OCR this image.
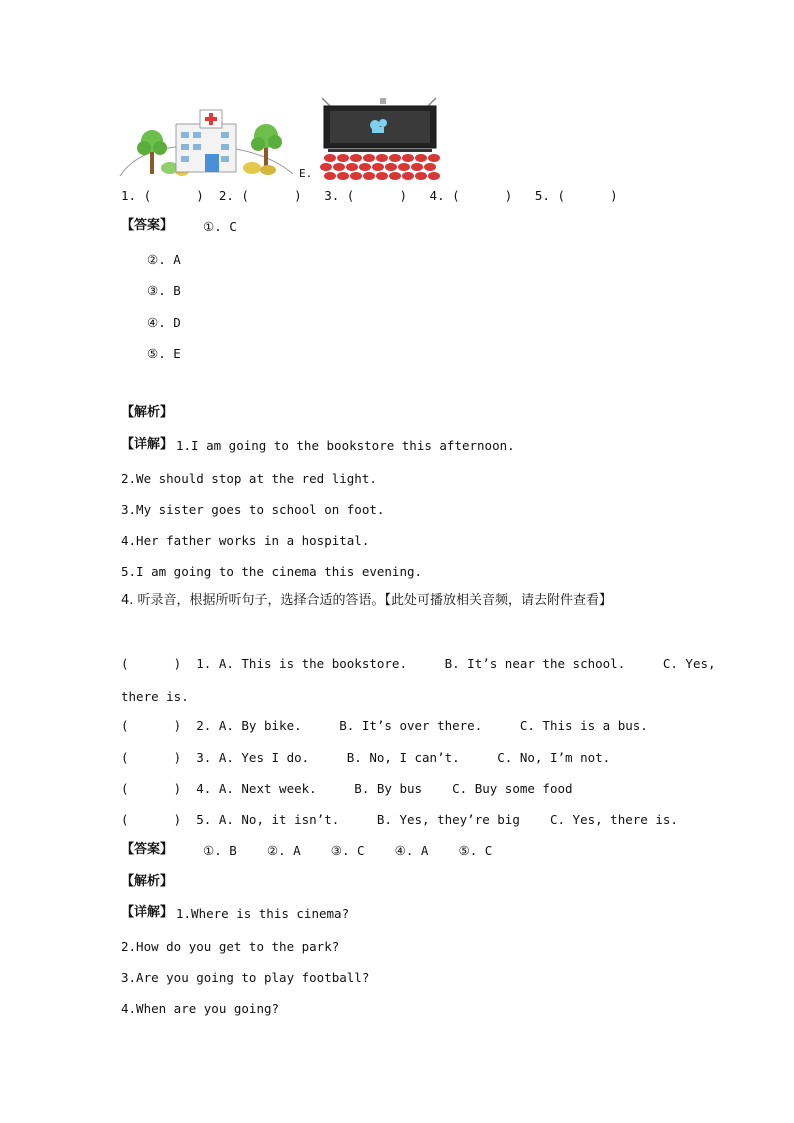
E.
1. (      )  2. (      )   3. (      )   4. (      )   5. (      )
【答案】 ①. C
②. A
③. B
④. D
⑤. E
【解析】
【详解】 1.I am going to the bookstore this afternoon.
2.We should stop at the red light.
3.My sister goes to school on foot.
4.Her father works in a hospital.
5.I am going to the cinema this evening.
4. 听录音，根据所听句子，选择合适的答语。【此处可播放相关音频，请去附件查看】
(      )  1. A. This is the bookstore.     B. It’s near the school.     C. Yes,
there is.
(      )  2. A. By bike.     B. It’s over there.     C. This is a bus.
(      )  3. A. Yes I do.     B. No, I can’t.     C. No, I’m not.
(      )  4. A. Next week.     B. By bus    C. Buy some food
(      )  5. A. No, it isn’t.     B. Yes, they’re big    C. Yes, there is.
【答案】 ①. B    ②. A    ③. C    ④. A    ⑤. C
【解析】
【详解】 1.Where is this cinema?
2.How do you get to the park?
3.Are you going to play football?
4.When are you going?
